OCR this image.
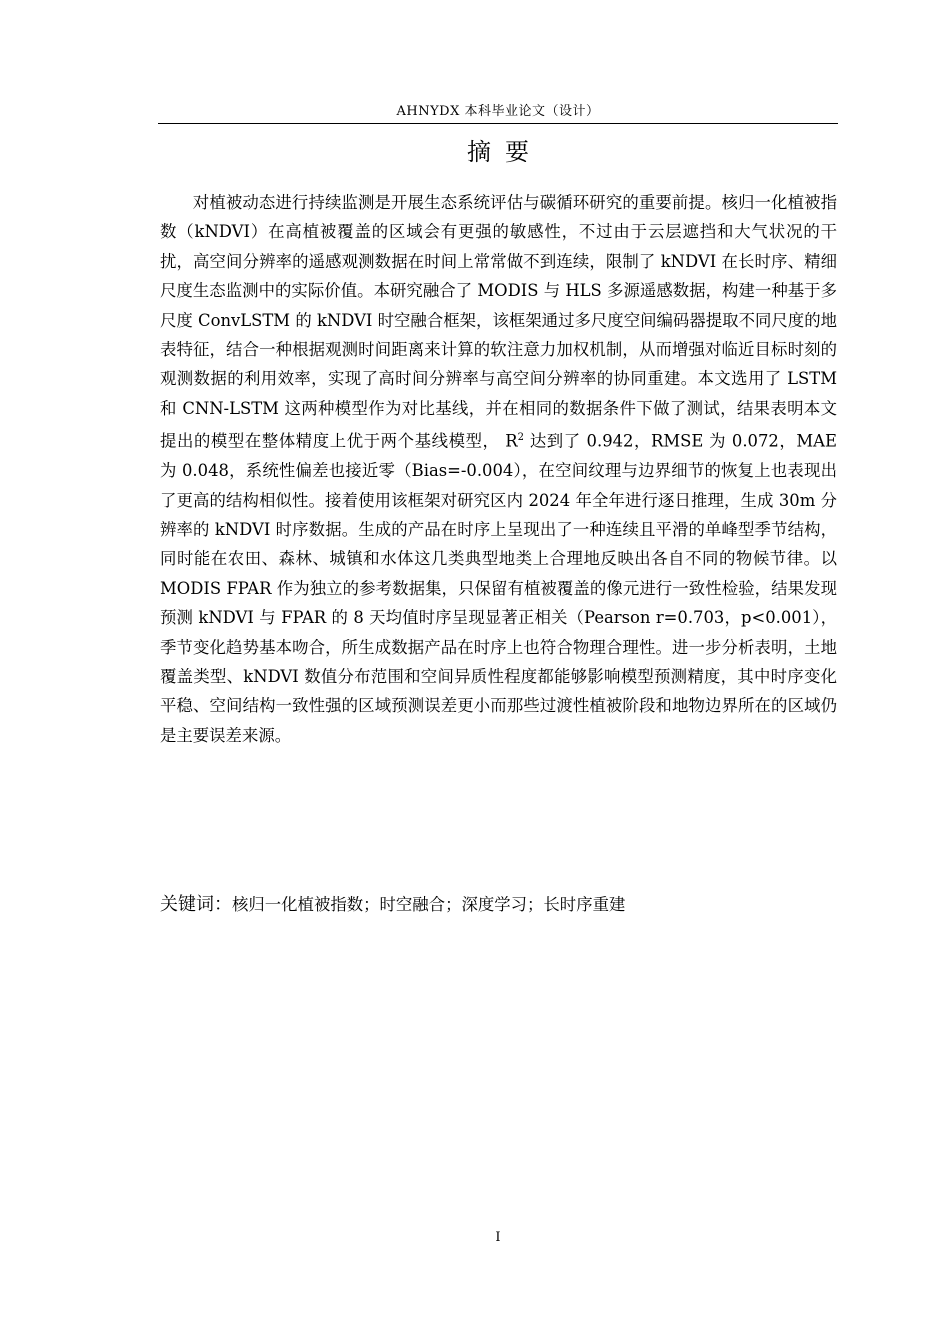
AHNYDX 本科毕业论文（设计）
摘要

对植被动态进行持续监测是开展生态系统评估与碳循环研究的重要前提。核归一化植被指数（kNDVI）在高植被覆盖的区域会有更强的敏感性，不过由于云层遮挡和大气状况的干扰，高空间分辨率的遥感观测数据在时间上常常做不到连续，限制了 kNDVI 在长时序、精细尺度生态监测中的实际价值。本研究融合了 MODIS 与 HLS 多源遥感数据，构建一种基于多尺度 ConvLSTM 的 kNDVI 时空融合框架，该框架通过多尺度空间编码器提取不同尺度的地表特征，结合一种根据观测时间距离来计算的软注意力加权机制，从而增强对临近目标时刻的观测数据的利用效率，实现了高时间分辨率与高空间分辨率的协同重建。本文选用了 LSTM 和 CNN-LSTM 这两种模型作为对比基线，并在相同的数据条件下做了测试，结果表明本文提出的模型在整体精度上优于两个基线模型， $R^2$ 达到了 0.942，RMSE 为 0.072，MAE 为 0.048，系统性偏差也接近零（Bias=-0.004），在空间纹理与边界细节的恢复上也表现出了更高的结构相似性。接着使用该框架对研究区内 2024 年全年进行逐日推理，生成 30m 分辨率的 kNDVI 时序数据。生成的产品在时序上呈现出了一种连续且平滑的单峰型季节结构，同时能在农田、森林、城镇和水体这几类典型地类上合理地反映出各自不同的物候节律。以 MODIS FPAR 作为独立的参考数据集，只保留有植被覆盖的像元进行一致性检验，结果发现预测 kNDVI 与 FPAR 的 8 天均值时序呈现显著正相关（Pearson r=0.703，p<0.001），季节变化趋势基本吻合，所生成数据产品在时序上也符合物理合理性。进一步分析表明，土地覆盖类型、kNDVI 数值分布范围和空间异质性程度都能够影响模型预测精度，其中时序变化平稳、空间结构一致性强的区域预测误差更小而那些过渡性植被阶段和地物边界所在的区域仍是主要误差来源。

关键词：核归一化植被指数；时空融合；深度学习；长时序重建
I
